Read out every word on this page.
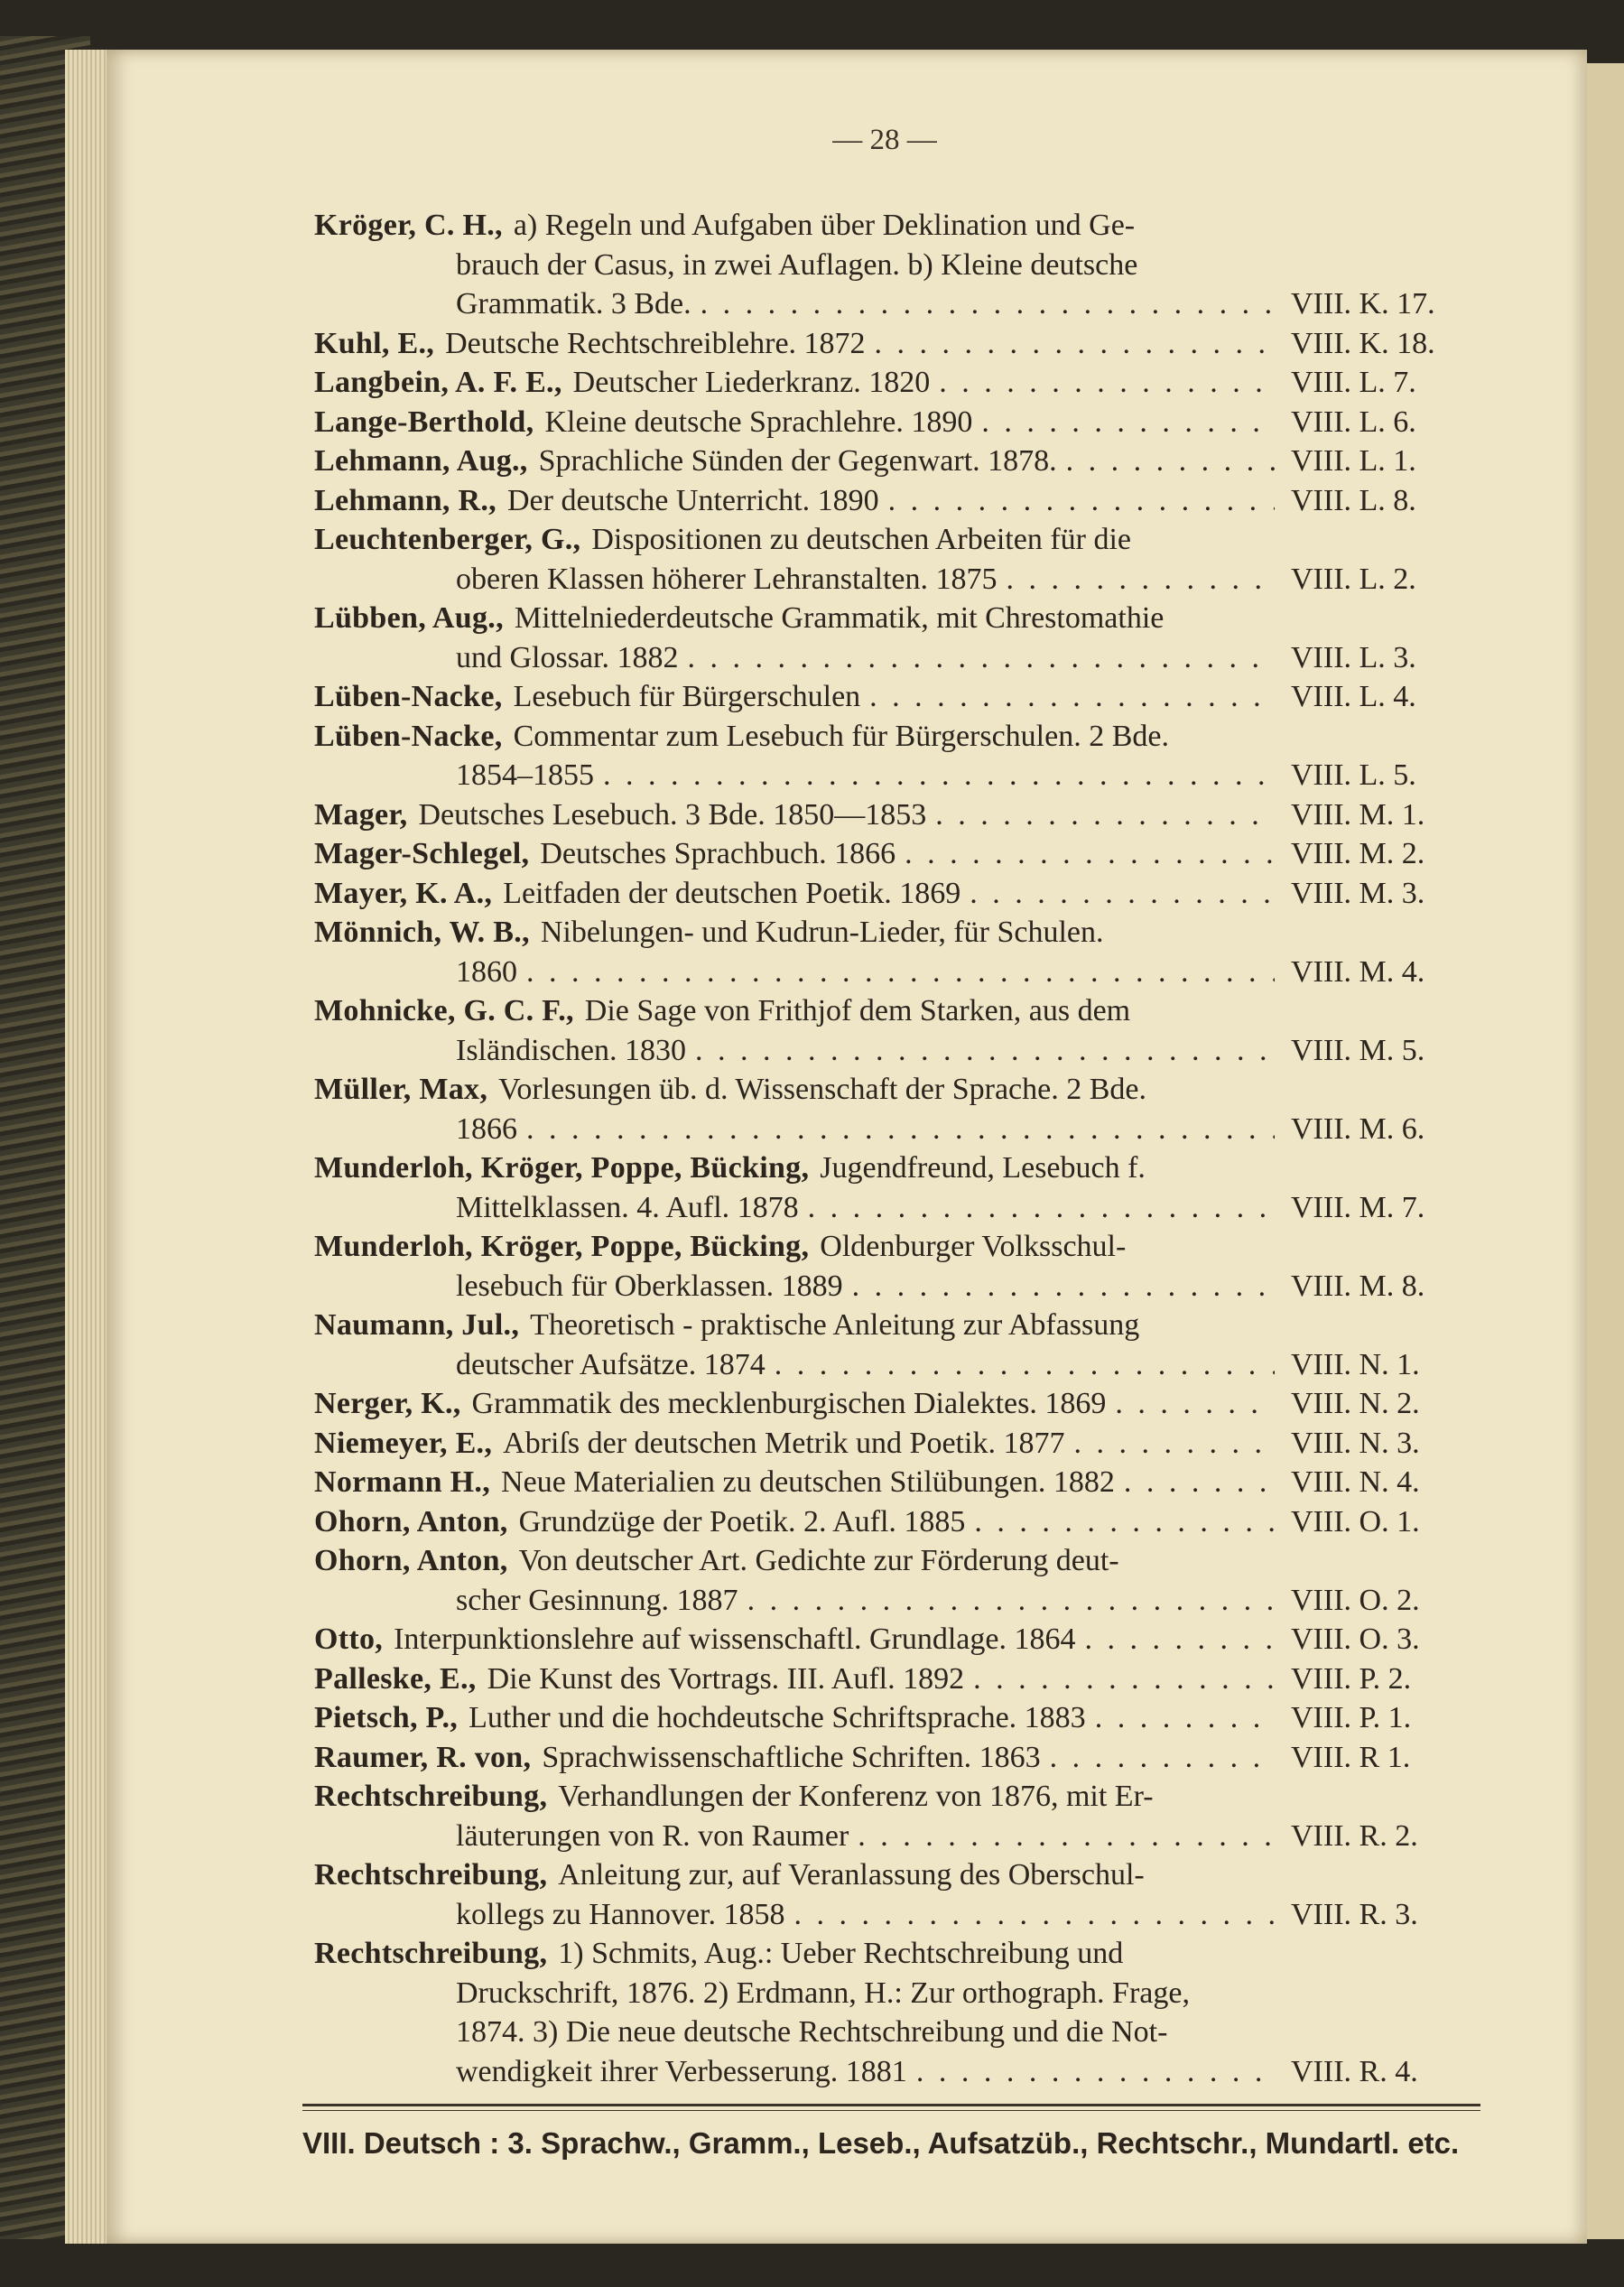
— 28 —
Kröger, C. H., a) Regeln und Aufgaben über Deklination und Ge-
brauch der Casus, in zwei Auflagen. b) Kleine deutsche
VIII. K. 17.
Grammatik. 3 Bde.
. . .
VIII. K. 18.
Kuhl, E., Deutsche Rechtschreiblehre. 1872
. . .
VIII. L. 7.
Langbein, A. F. E., Deutscher Liederkranz. 1820
. . .
VIII. L. 6.
Lange-Berthold, Kleine deutsche Sprachlehre. 1890
. . .
VIII. L. 1.
Lehmann, Aug., Sprachliche Sünden der Gegenwart. 1878.
. . .
VIII. L. 8.
Lehmann, R., Der deutsche Unterricht. 1890
. . .
Leuchtenberger, G., Dispositionen zu deutschen Arbeiten für die
VIII. L. 2.
oberen Klassen höherer Lehranstalten. 1875
. . .
Lübben, Aug., Mittelniederdeutsche Grammatik, mit Chrestomathie
VIII. L. 3.
und Glossar. 1882
. . .
VIII. L. 4.
Lüben-Nacke, Lesebuch für Bürgerschulen
. . .
Lüben-Nacke, Commentar zum Lesebuch für Bürgerschulen. 2 Bde.
VIII. L. 5.
1854–1855
. . .
VIII. M. 1.
Mager, Deutsches Lesebuch. 3 Bde. 1850—1853
. . .
VIII. M. 2.
Mager-Schlegel, Deutsches Sprachbuch. 1866
. . .
VIII. M. 3.
Mayer, K. A., Leitfaden der deutschen Poetik. 1869
. . .
Mönnich, W. B., Nibelungen- und Kudrun-Lieder, für Schulen.
VIII. M. 4.
1860
. . .
Mohnicke, G. C. F., Die Sage von Frithjof dem Starken, aus dem
VIII. M. 5.
Isländischen. 1830
. . .
Müller, Max, Vorlesungen üb. d. Wissenschaft der Sprache. 2 Bde.
VIII. M. 6.
1866
. . .
Munderloh, Kröger, Poppe, Bücking, Jugendfreund, Lesebuch f.
VIII. M. 7.
Mittelklassen. 4. Aufl. 1878
. . .
Munderloh, Kröger, Poppe, Bücking, Oldenburger Volksschul-
VIII. M. 8.
lesebuch für Oberklassen. 1889
. . .
Naumann, Jul., Theoretisch - praktische Anleitung zur Abfassung
VIII. N. 1.
deutscher Aufsätze. 1874
. . .
VIII. N. 2.
Nerger, K., Grammatik des mecklenburgischen Dialektes. 1869
. . .
VIII. N. 3.
Niemeyer, E., Abriſs der deutschen Metrik und Poetik. 1877
. . .
VIII. N. 4.
Normann H., Neue Materialien zu deutschen Stilübungen. 1882
. . .
VIII. O. 1.
Ohorn, Anton, Grundzüge der Poetik. 2. Aufl. 1885
. . .
Ohorn, Anton, Von deutscher Art. Gedichte zur Förderung deut-
VIII. O. 2.
scher Gesinnung. 1887
. . .
VIII. O. 3.
Otto, Interpunktionslehre auf wissenschaftl. Grundlage. 1864
. . .
VIII. P. 2.
Palleske, E., Die Kunst des Vortrags. III. Aufl. 1892
. . .
VIII. P. 1.
Pietsch, P., Luther und die hochdeutsche Schriftsprache. 1883
. . .
VIII. R 1.
Raumer, R. von, Sprachwissenschaftliche Schriften. 1863
. . .
Rechtschreibung, Verhandlungen der Konferenz von 1876, mit Er-
VIII. R. 2.
läuterungen von R. von Raumer
. . .
Rechtschreibung, Anleitung zur, auf Veranlassung des Oberschul-
VIII. R. 3.
kollegs zu Hannover. 1858
. . .
Rechtschreibung, 1) Schmits, Aug.: Ueber Rechtschreibung und
Druckschrift, 1876. 2) Erdmann, H.: Zur orthograph. Frage,
1874. 3) Die neue deutsche Rechtschreibung und die Not-
VIII. R. 4.
wendigkeit ihrer Verbesserung. 1881
. . .
VIII. Deutsch : 3. Sprachw., Gramm., Leseb., Aufsatzüb., Rechtschr., Mundartl. etc.
